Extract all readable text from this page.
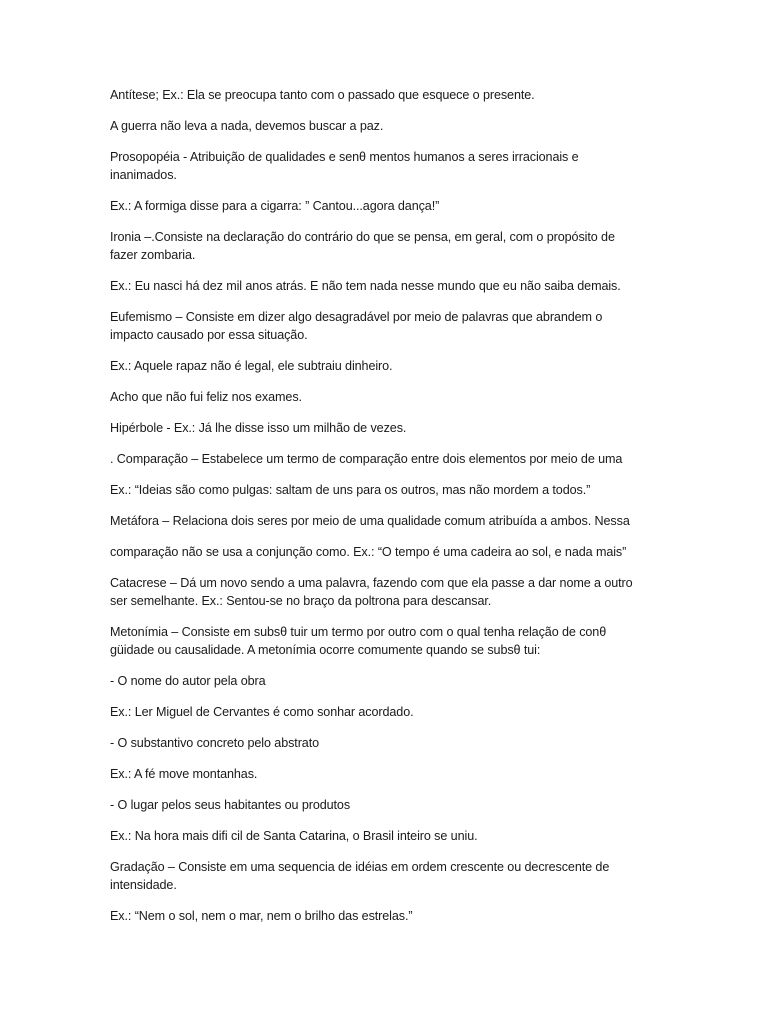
Antítese; Ex.: Ela se preocupa tanto com o passado que esquece o presente.

A guerra não leva a nada, devemos buscar a paz.

Prosopopéia - Atribuição de qualidades e senθ mentos humanos a seres irracionais e
inanimados.

Ex.: A formiga disse para a cigarra: ” Cantou...agora dança!”

Ironia –.Consiste na declaração do contrário do que se pensa, em geral, com o propósito de
fazer zombaria.

Ex.: Eu nasci há dez mil anos atrás. E não tem nada nesse mundo que eu não saiba demais.

Eufemismo – Consiste em dizer algo desagradável por meio de palavras que abrandem o
impacto causado por essa situação.

Ex.: Aquele rapaz não é legal, ele subtraiu dinheiro.

Acho que não fui feliz nos exames.

Hipérbole - Ex.: Já lhe disse isso um milhão de vezes.

. Comparação – Estabelece um termo de comparação entre dois elementos por meio de uma

Ex.: “Ideias são como pulgas: saltam de uns para os outros, mas não mordem a todos.”

Metáfora – Relaciona dois seres por meio de uma qualidade comum atribuída a ambos. Nessa

comparação não se usa a conjunção como. Ex.: “O tempo é uma cadeira ao sol, e nada mais”

Catacrese – Dá um novo sendo a uma palavra, fazendo com que ela passe a dar nome a outro
ser semelhante. Ex.: Sentou-se no braço da poltrona para descansar.

Metonímia – Consiste em subsθ tuir um termo por outro com o qual tenha relação de conθ
güidade ou causalidade. A metonímia ocorre comumente quando se subsθ tui:

- O nome do autor pela obra

Ex.: Ler Miguel de Cervantes é como sonhar acordado.

- O substantivo concreto pelo abstrato

Ex.: A fé move montanhas.

- O lugar pelos seus habitantes ou produtos

Ex.: Na hora mais diﬁ cil de Santa Catarina, o Brasil inteiro se uniu.

Gradação – Consiste em uma sequencia de idéias em ordem crescente ou decrescente de
intensidade.

Ex.: “Nem o sol, nem o mar, nem o brilho das estrelas.”
